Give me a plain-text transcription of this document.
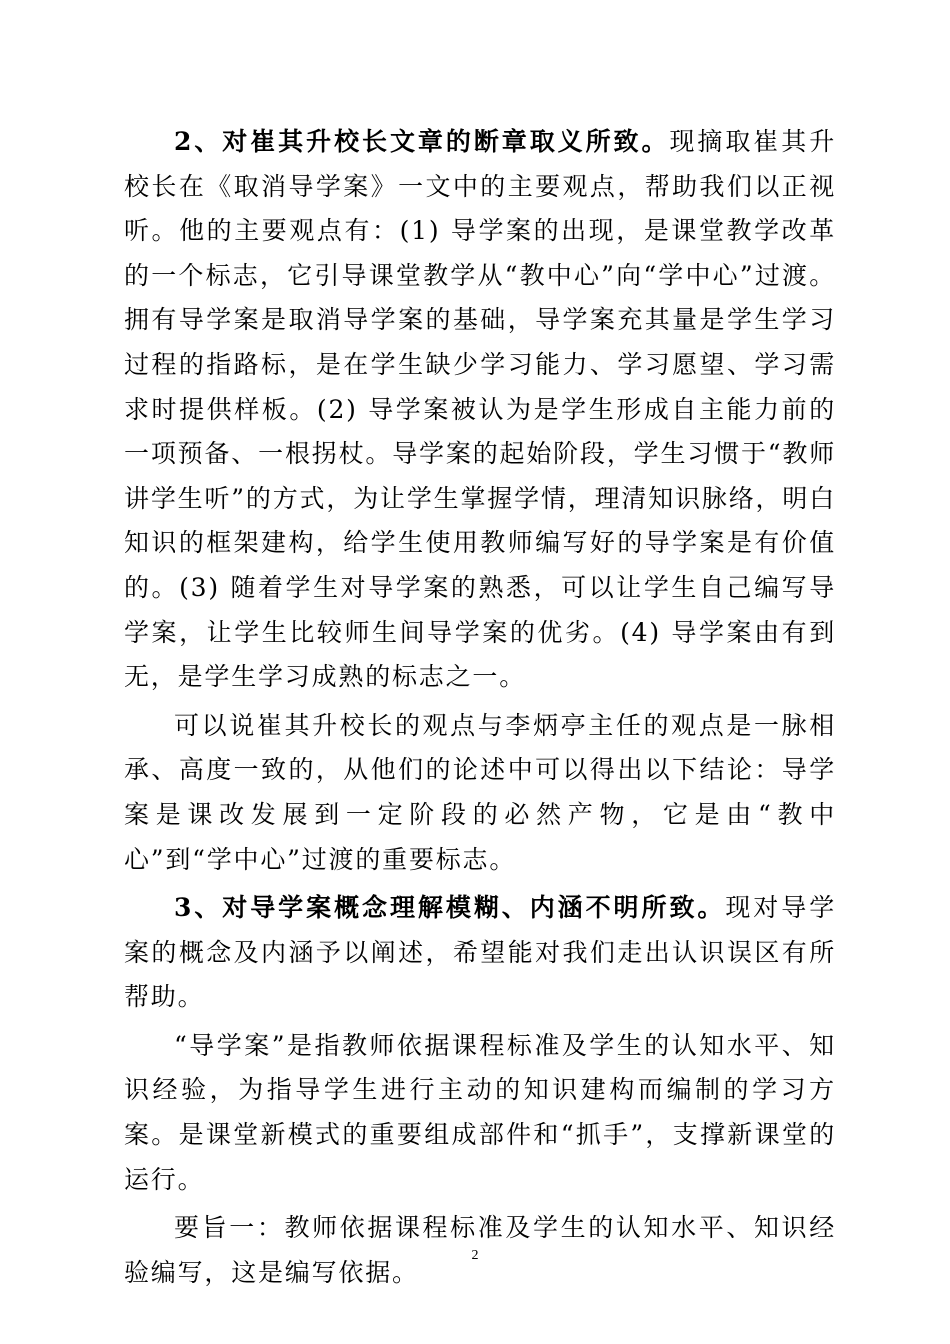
2、对崔其升校长文章的断章取义所致。现摘取崔其升校长在《取消导学案》一文中的主要观点，帮助我们以正视听。他的主要观点有：(1) 导学案的出现，是课堂教学改革的一个标志，它引导课堂教学从“教中心”向“学中心”过渡。拥有导学案是取消导学案的基础，导学案充其量是学生学习过程的指路标，是在学生缺少学习能力、学习愿望、学习需求时提供样板。(2) 导学案被认为是学生形成自主能力前的一项预备、一根拐杖。导学案的起始阶段，学生习惯于“教师讲学生听”的方式，为让学生掌握学情，理清知识脉络，明白知识的框架建构，给学生使用教师编写好的导学案是有价值的。(3) 随着学生对导学案的熟悉，可以让学生自己编写导学案，让学生比较师生间导学案的优劣。(4) 导学案由有到无，是学生学习成熟的标志之一。

可以说崔其升校长的观点与李炳亭主任的观点是一脉相承、高度一致的，从他们的论述中可以得出以下结论：导学案是课改发展到一定阶段的必然产物，它是由“教中心”到“学中心”过渡的重要标志。

3、对导学案概念理解模糊、内涵不明所致。现对导学案的概念及内涵予以阐述，希望能对我们走出认识误区有所帮助。

“导学案”是指教师依据课程标准及学生的认知水平、知识经验，为指导学生进行主动的知识建构而编制的学习方案。是课堂新模式的重要组成部件和“抓手”，支撑新课堂的运行。

要旨一：教师依据课程标准及学生的认知水平、知识经验编写，这是编写依据。

2
